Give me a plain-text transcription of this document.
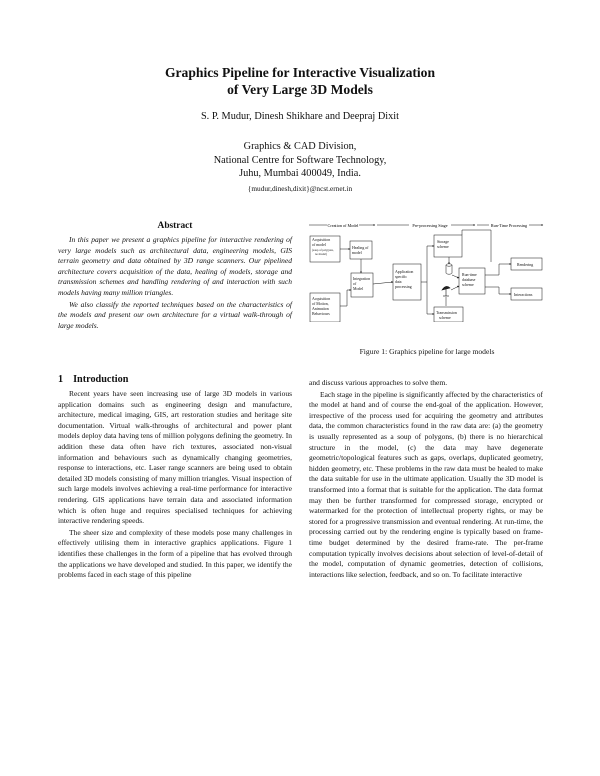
Graphics Pipeline for Interactive Visualization
of Very Large 3D Models
S. P. Mudur, Dinesh Shikhare and Deepraj Dixit
Graphics & CAD Division,
National Centre for Software Technology,
Juhu, Mumbai 400049, India.
{mudur,dinesh,dixit}@ncst.ernet.in
Abstract

In this paper we present a graphics pipeline for interactive rendering of very large models such as architectural data, engineering models, GIS terrain geometry and data obtained by 3D range scanners. Our pipelined architecture covers acquisition of the data, healing of models, storage and transmission schemes and handling rendering of and interaction with such models having many million triangles.

We also classify the reported techniques based on the characteristics of the models and present our own architecture for a virtual walk-through of large models.

1 Introduction

Recent years have seen increasing use of large 3D models in various application domains such as engineering design and manufacture, architecture, medical imaging, GIS, art restoration studies and heritage site documentation. Virtual walk-throughs of architectural and power plant models deploy data having tens of million polygons defining the geometry. In addition these data often have rich textures, associated non-visual information and behaviours such as dynamically changing geometries, response to interactions, etc. Laser range scanners are being used to obtain detailed 3D models consisting of many million triangles. Visual inspection of such large models involves achieving a real-time performance for interactive rendering. GIS applications have terrain data and associated information which is often huge and requires specialised techniques for achieving interactive rendering speeds.

The sheer size and complexity of these models pose many challenges in effectively utilising them in interactive graphics applications. Figure 1 identifies these challenges in the form of a pipeline that has evolved through the applications we have developed and studied. In this paper, we identify the problems faced in each stage of this pipeline

Creation of Model	Pre-processing Stage	Run-Time Processing
Acquisition
of model
(soup of polygons,
no model)
Healing of
model
Integration
of
Model
Acquisition
of Motion,
Animation
Behaviours
Application
specific
data
processing
Storage
scheme
Transmission
scheme
Run-time
database
scheme
Rendering
Interactions
Figure 1: Graphics pipeline for large models

and discuss various approaches to solve them.

Each stage in the pipeline is significantly affected by the characteristics of the model at hand and of course the end-goal of the application. However, irrespective of the process used for acquiring the geometry and attributes data, the common characteristics found in the raw data are: (a) the geometry is usually represented as a soup of polygons, (b) there is no hierarchical structure in the model, (c) the data may have degenerate geometric/topological features such as gaps, overlaps, duplicated geometry, hidden geometry, etc. These problems in the raw data must be healed to make the data suitable for use in the ultimate application. Usually the 3D model is transformed into a format that is suitable for the application. The data format may then be further transformed for compressed storage, encrypted or watermarked for the protection of intellectual property rights, or may be stored for a progressive transmission and eventual rendering. At run-time, the processing carried out by the rendering engine is typically based on frame-time budget determined by the desired frame-rate. The per-frame computation typically involves decisions about selection of level-of-detail of the model, computation of dynamic geometries, detection of collisions, interactions like selection, feedback, and so on. To facilitate interactive
